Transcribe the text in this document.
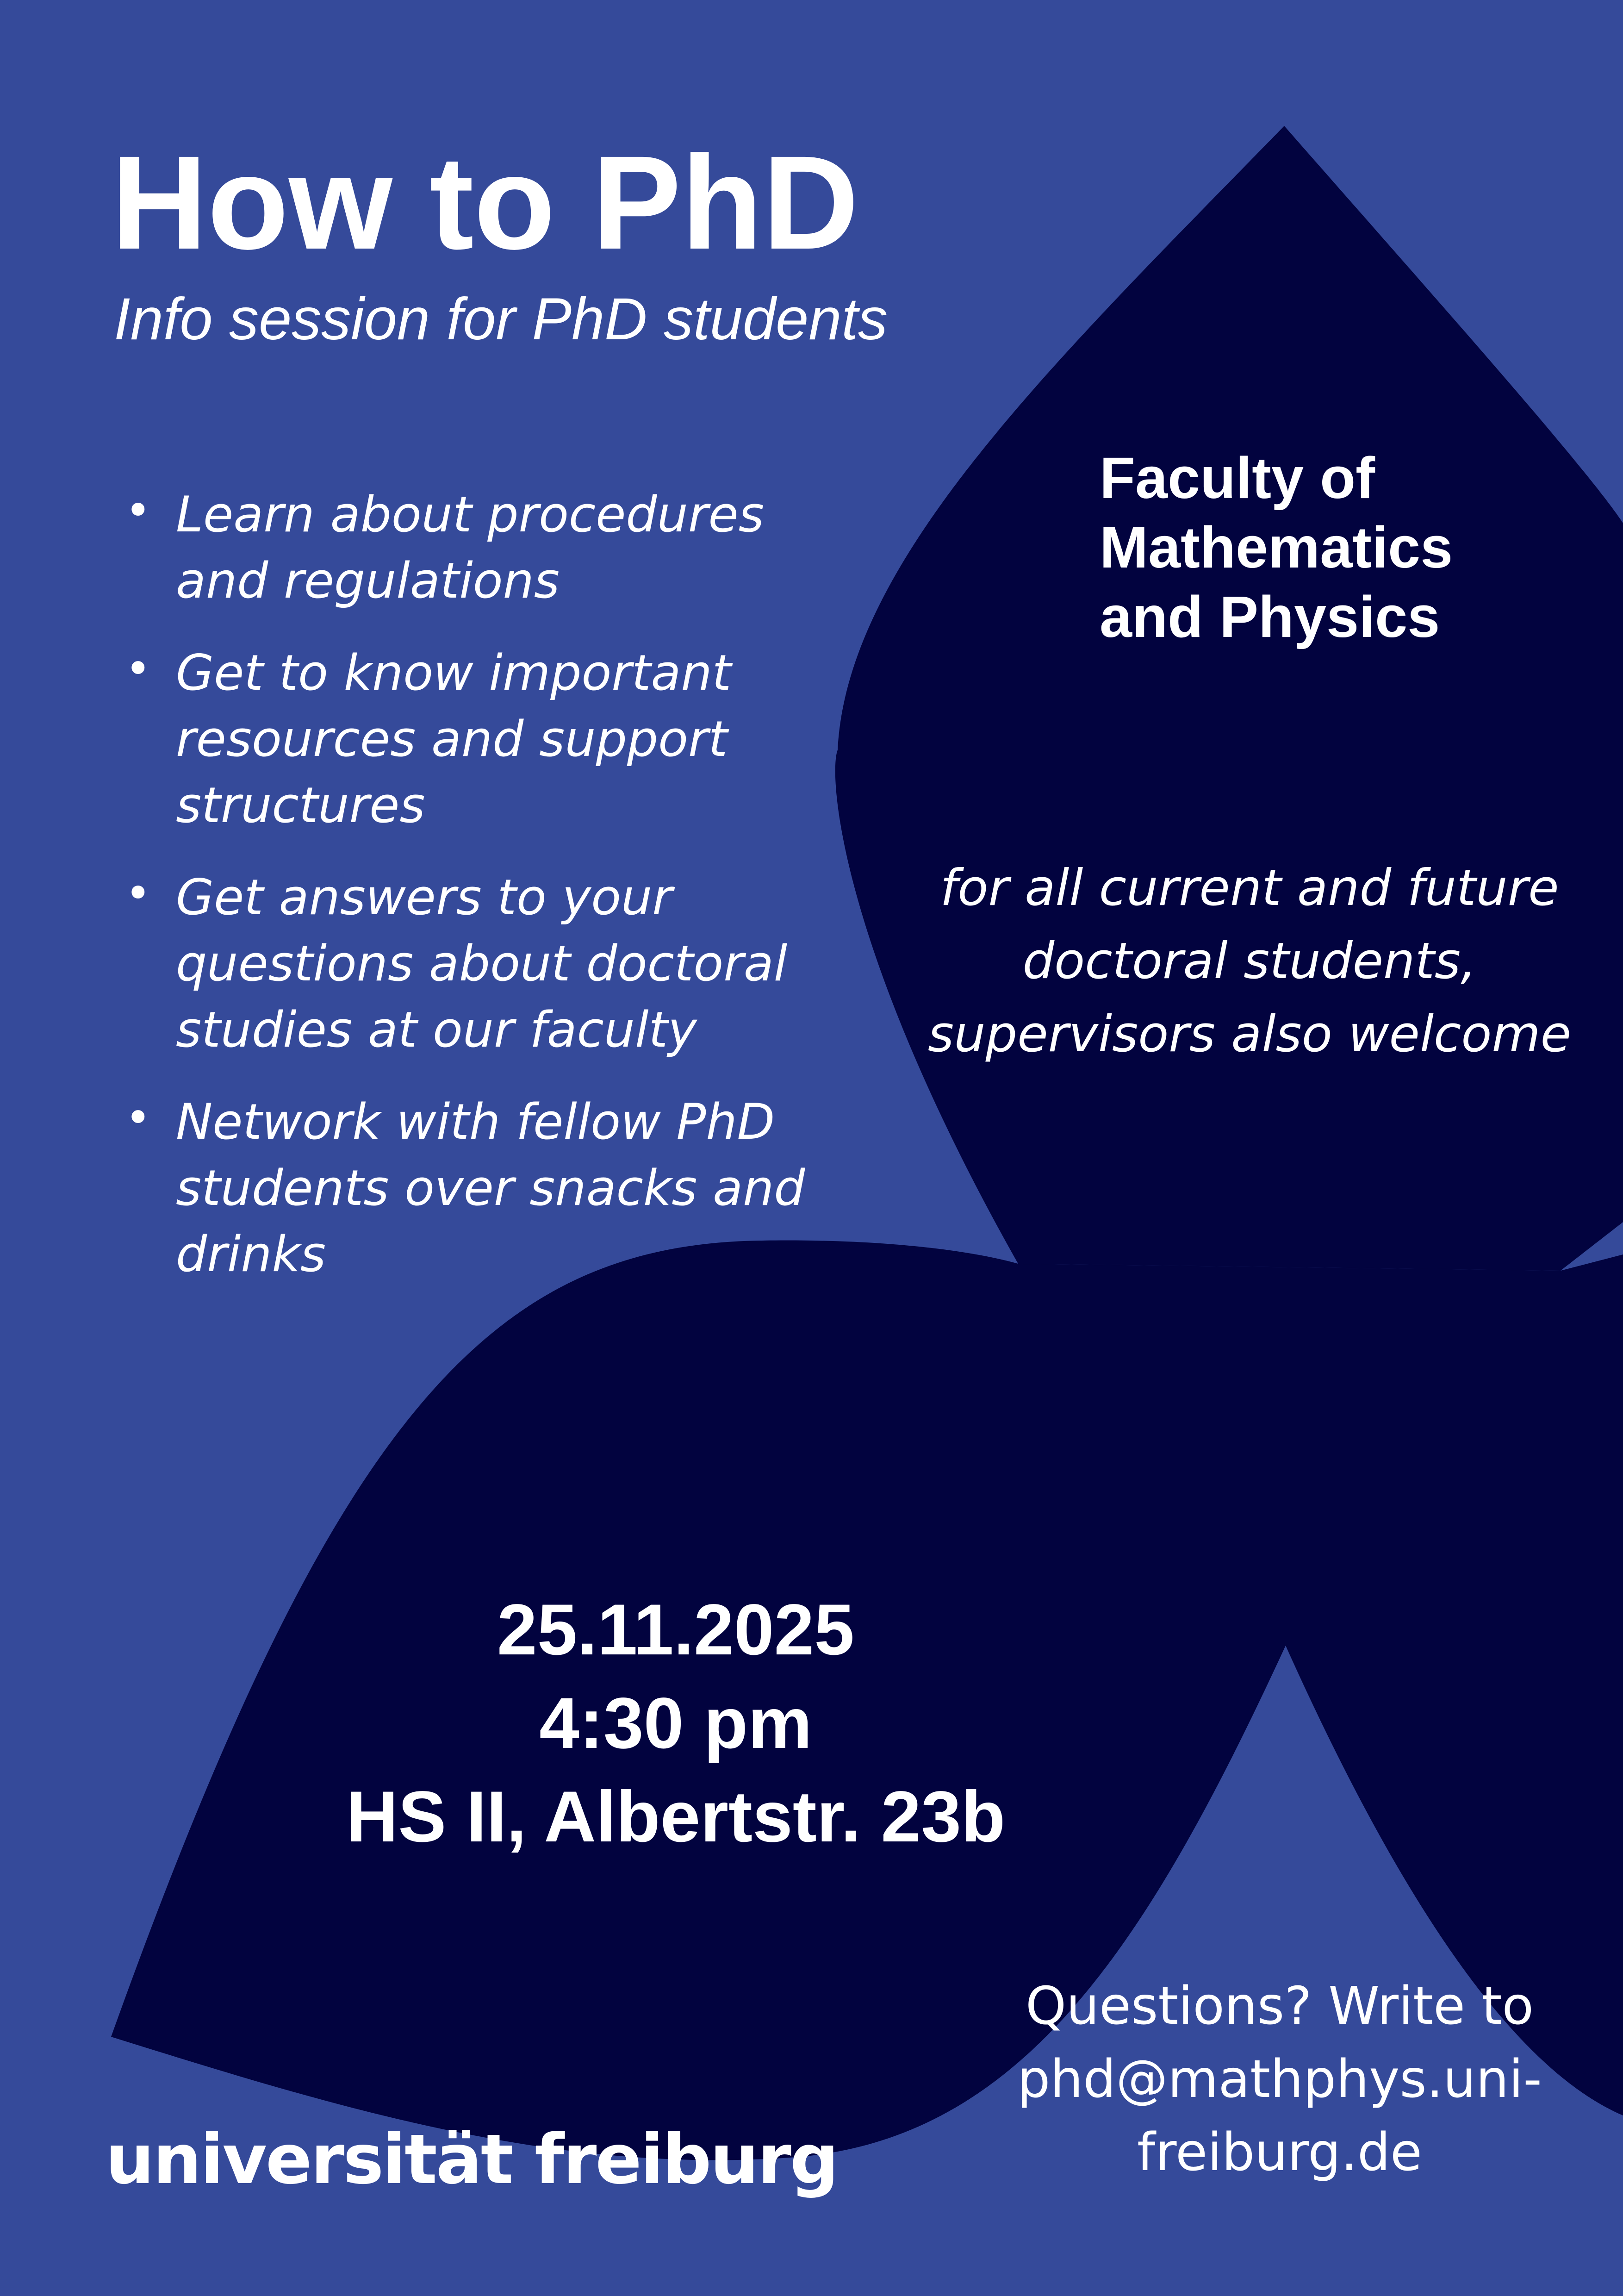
How to PhD

Info session for PhD students

• Learn about procedures and regulations
• Get to know important resources and support structures
• Get answers to your questions about doctoral studies at our faculty
• Network with fellow PhD students over snacks and drinks

Faculty of Mathematics and Physics

for all current and future doctoral students, supervisors also welcome

25.11.2025
4:30 pm
HS II, Albertstr. 23b
Questions? Write to phd@mathphys.uni-freiburg.de
universität freiburg
